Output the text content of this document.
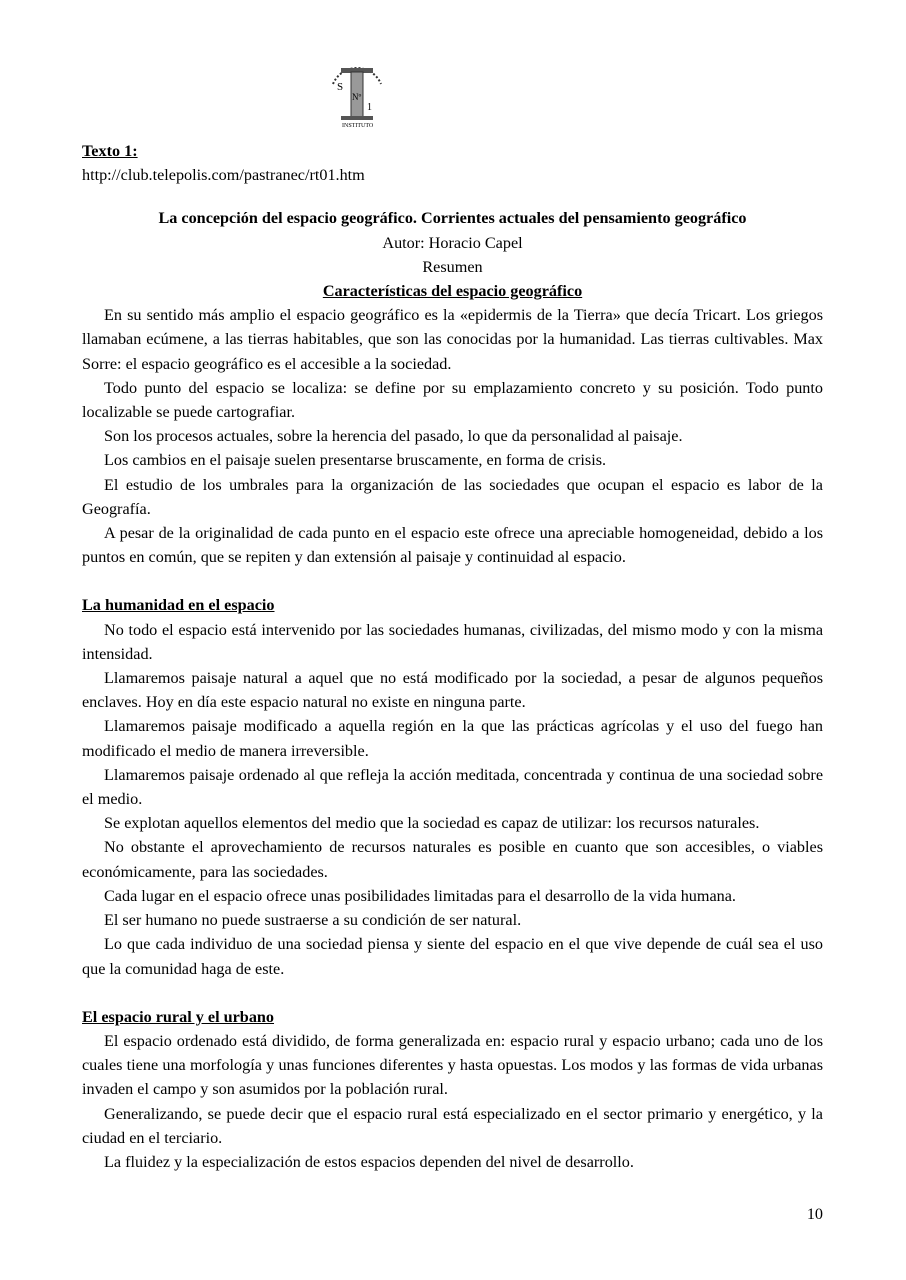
S
Nº
1
INSTITUTO
Texto 1:
http://club.telepolis.com/pastranec/rt01.htm
La concepción del espacio geográfico. Corrientes actuales del pensamiento geográfico
Autor: Horacio Capel
Resumen
Características del espacio geográfico

En su sentido más amplio el espacio geográfico es la «epidermis de la Tierra» que decía Tricart. Los griegos llamaban ecúmene, a las tierras habitables, que son las conocidas por la humanidad. Las tierras cultivables. Max Sorre: el espacio geográfico es el accesible a la sociedad.

Todo punto del espacio se localiza: se define por su emplazamiento concreto y su posición. Todo punto localizable se puede cartografiar.

Son los procesos actuales, sobre la herencia del pasado, lo que da personalidad al paisaje.

Los cambios en el paisaje suelen presentarse bruscamente, en forma de crisis.

El estudio de los umbrales para la organización de las sociedades que ocupan el espacio es labor de la Geografía.

A pesar de la originalidad de cada punto en el espacio este ofrece una apreciable homogeneidad, debido a los puntos en común, que se repiten y dan extensión al paisaje y continuidad al espacio.

La humanidad en el espacio

No todo el espacio está intervenido por las sociedades humanas, civilizadas, del mismo modo y con la misma intensidad.

Llamaremos paisaje natural a aquel que no está modificado por la sociedad, a pesar de algunos pequeños enclaves. Hoy en día este espacio natural no existe en ninguna parte.

Llamaremos paisaje modificado a aquella región en la que las prácticas agrícolas y el uso del fuego han modificado el medio de manera irreversible.

Llamaremos paisaje ordenado al que refleja la acción meditada, concentrada y continua de una sociedad sobre el medio.

Se explotan aquellos elementos del medio que la sociedad es capaz de utilizar: los recursos naturales.

No obstante el aprovechamiento de recursos naturales es posible en cuanto que son accesibles, o viables económicamente, para las sociedades.

Cada lugar en el espacio ofrece unas posibilidades limitadas para el desarrollo de la vida humana.

El ser humano no puede sustraerse a su condición de ser natural.

Lo que cada individuo de una sociedad piensa y siente del espacio en el que vive depende de cuál sea el uso que la comunidad haga de este.

El espacio rural y el urbano

El espacio ordenado está dividido, de forma generalizada en: espacio rural y espacio urbano; cada uno de los cuales tiene una morfología y unas funciones diferentes y hasta opuestas. Los modos y las formas de vida urbanas invaden el campo y son asumidos por la población rural.

Generalizando, se puede decir que el espacio rural está especializado en el sector primario y energético, y la ciudad en el terciario.

La fluidez y la especialización de estos espacios dependen del nivel de desarrollo.

10
